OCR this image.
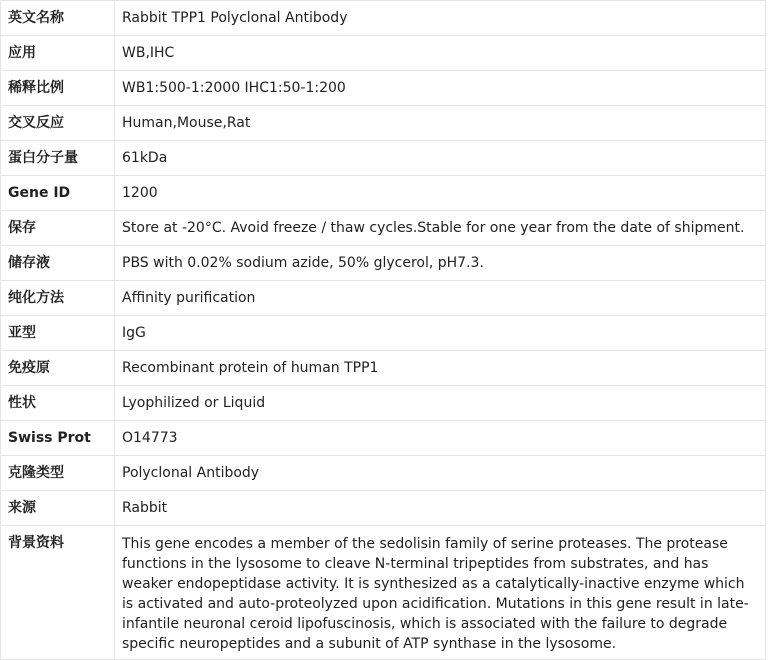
英文名称	Rabbit TPP1 Polyclonal Antibody
应用	WB,IHC
稀释比例	WB1:500-1:2000 IHC1:50-1:200
交叉反应	Human,Mouse,Rat
蛋白分子量	61kDa
Gene ID	1200
保存	Store at -20°C. Avoid freeze / thaw cycles.Stable for one year from the date of shipment.
储存液	PBS with 0.02% sodium azide, 50% glycerol, pH7.3.
纯化方法	Affinity purification
亚型	IgG
免疫原	Recombinant protein of human TPP1
性状	Lyophilized or Liquid
Swiss Prot	O14773
克隆类型	Polyclonal Antibody
来源	Rabbit
背景资料	This gene encodes a member of the sedolisin family of serine proteases. The protease functions in the lysosome to cleave N-terminal tripeptides from substrates, and has weaker endopeptidase activity. It is synthesized as a catalytically-inactive enzyme which is activated and auto-proteolyzed upon acidification. Mutations in this gene result in late-infantile neuronal ceroid lipofuscinosis, which is associated with the failure to degrade specific neuropeptides and a subunit of ATP synthase in the lysosome.
